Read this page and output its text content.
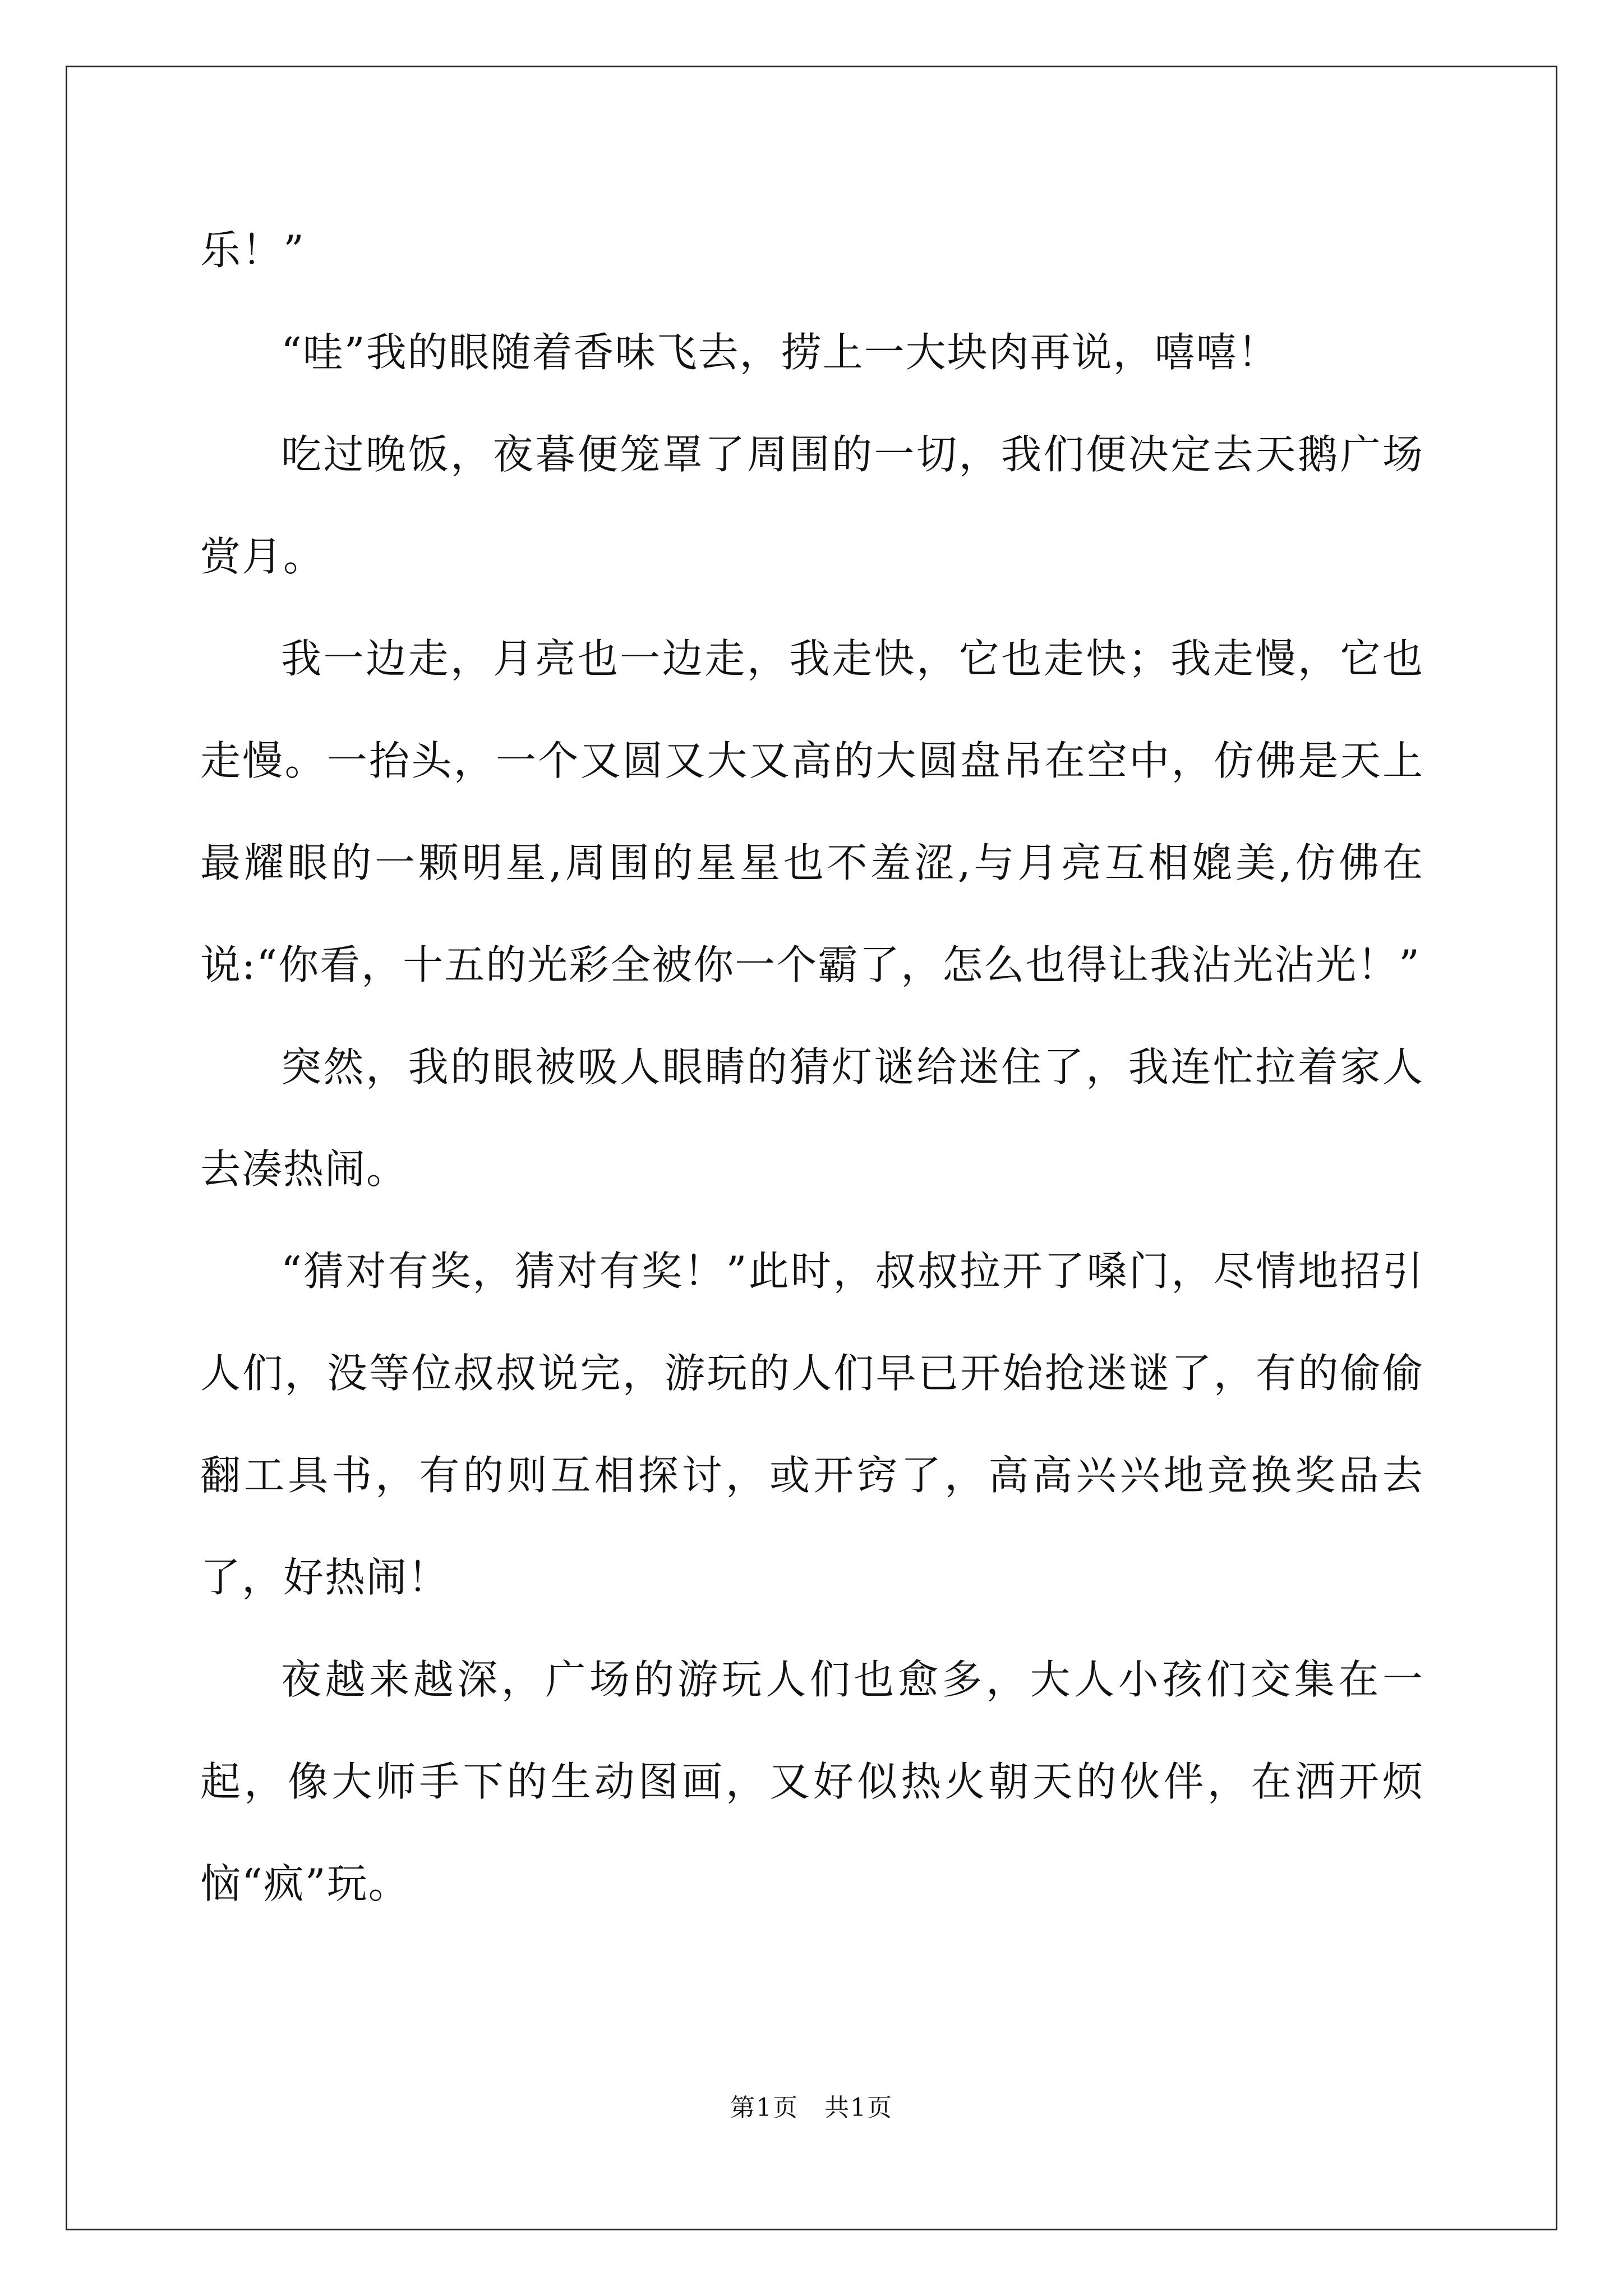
乐！”

“哇”我的眼随着香味飞去，捞上一大块肉再说，嘻嘻！

吃过晚饭，夜暮便笼罩了周围的一切，我们便决定去天鹅广场赏月。

我一边走，月亮也一边走，我走快，它也走快；我走慢，它也走慢。一抬头，一个又圆又大又高的大圆盘吊在空中，仿佛是天上最耀眼的一颗明星,周围的星星也不羞涩,与月亮互相媲美,仿佛在说:“你看，十五的光彩全被你一个霸了，怎么也得让我沾光沾光！”

突然，我的眼被吸人眼睛的猜灯谜给迷住了，我连忙拉着家人去凑热闹。

“猜对有奖，猜对有奖！”此时，叔叔拉开了嗓门，尽情地招引人们，没等位叔叔说完，游玩的人们早已开始抢迷谜了，有的偷偷翻工具书，有的则互相探讨，或开窍了，高高兴兴地竞换奖品去了，好热闹！

夜越来越深，广场的游玩人们也愈多，大人小孩们交集在一起，像大师手下的生动图画，又好似热火朝天的伙伴，在洒开烦恼“疯”玩。

第1页　共1页
